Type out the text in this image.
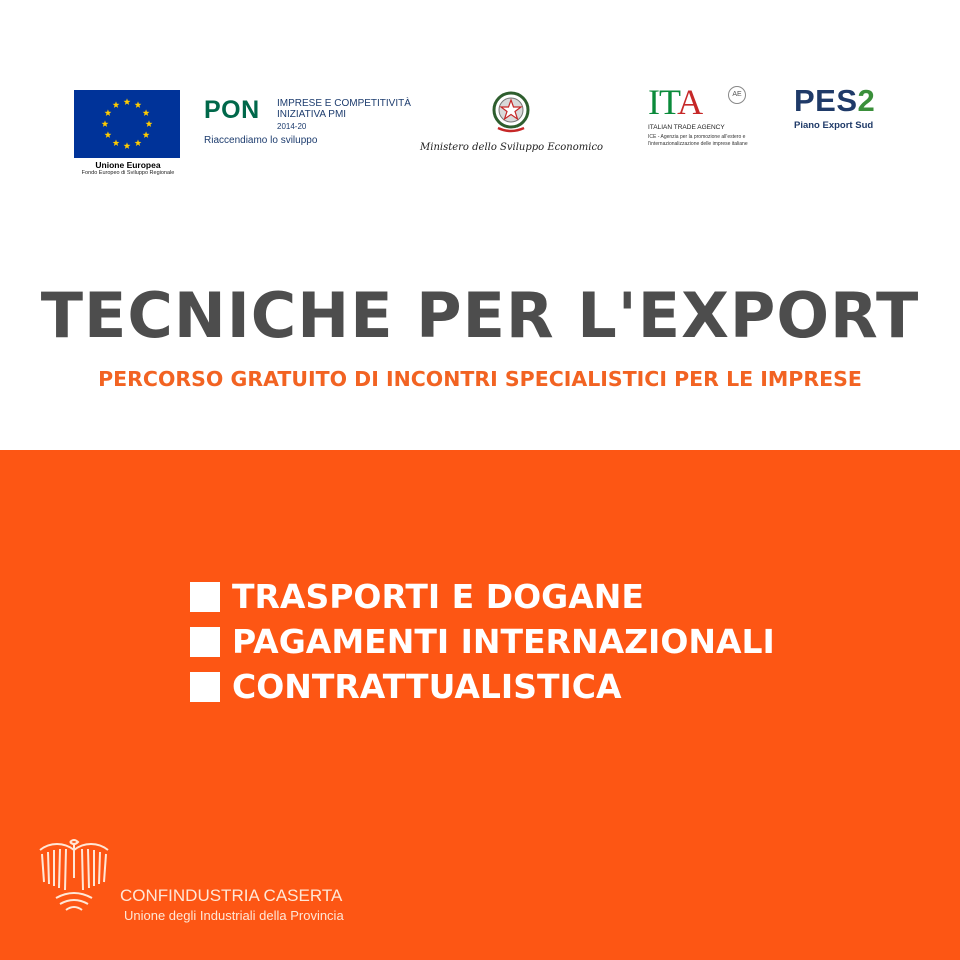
Unione Europea
Fondo Europeo di Sviluppo Regionale
PON IMPRESE E COMPETITIVITÀ
INIZIATIVA PMI
2014-20
Riaccendiamo lo sviluppo
Ministero dello Sviluppo Economico
ITA	AE
ITALIAN TRADE AGENCY
ICE - Agenzia per la promozione all'estero e
l'internazionalizzazione delle imprese italiane
PES2
Piano Export Sud
TECNICHE PER L'EXPORT
PERCORSO GRATUITO DI INCONTRI SPECIALISTICI PER LE IMPRESE
TRASPORTI E DOGANE
PAGAMENTI INTERNAZIONALI
CONTRATTUALISTICA
CONFINDUSTRIA CASERTA
Unione degli Industriali della Provincia
